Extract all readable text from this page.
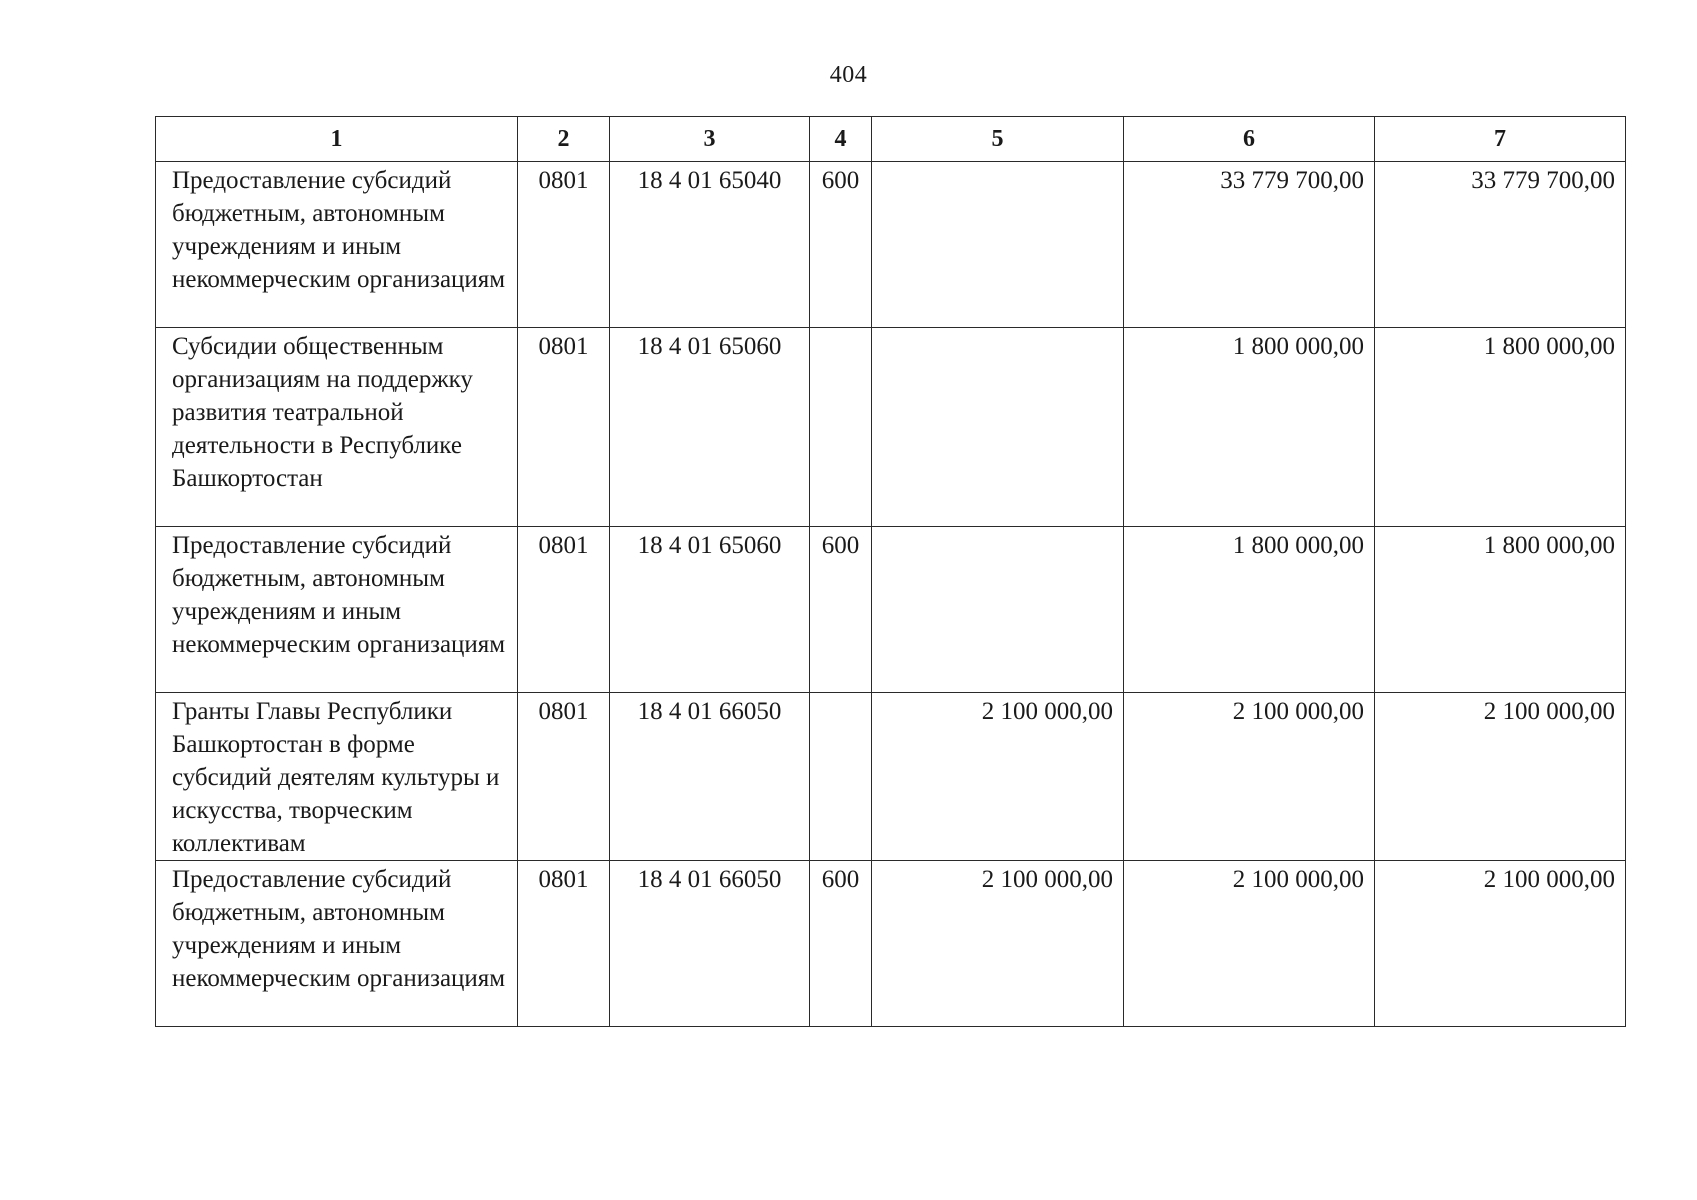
404
1	2	3	4	5	6	7
Предоставление субсидий бюджетным, автономным учреждениям и иным некоммерческим организациям	0801	18 4 01 65040	600		33 779 700,00	33 779 700,00
Субсидии общественным организациям на поддержку развития театральной деятельности в Республике Башкортостан	0801	18 4 01 65060			1 800 000,00	1 800 000,00
Предоставление субсидий бюджетным, автономным учреждениям и иным некоммерческим организациям	0801	18 4 01 65060	600		1 800 000,00	1 800 000,00
Гранты Главы Республики Башкортостан в форме субсидий деятелям культуры и искусства, творческим коллективам	0801	18 4 01 66050		2 100 000,00	2 100 000,00	2 100 000,00
Предоставление субсидий бюджетным, автономным учреждениям и иным некоммерческим организациям	0801	18 4 01 66050	600	2 100 000,00	2 100 000,00	2 100 000,00
